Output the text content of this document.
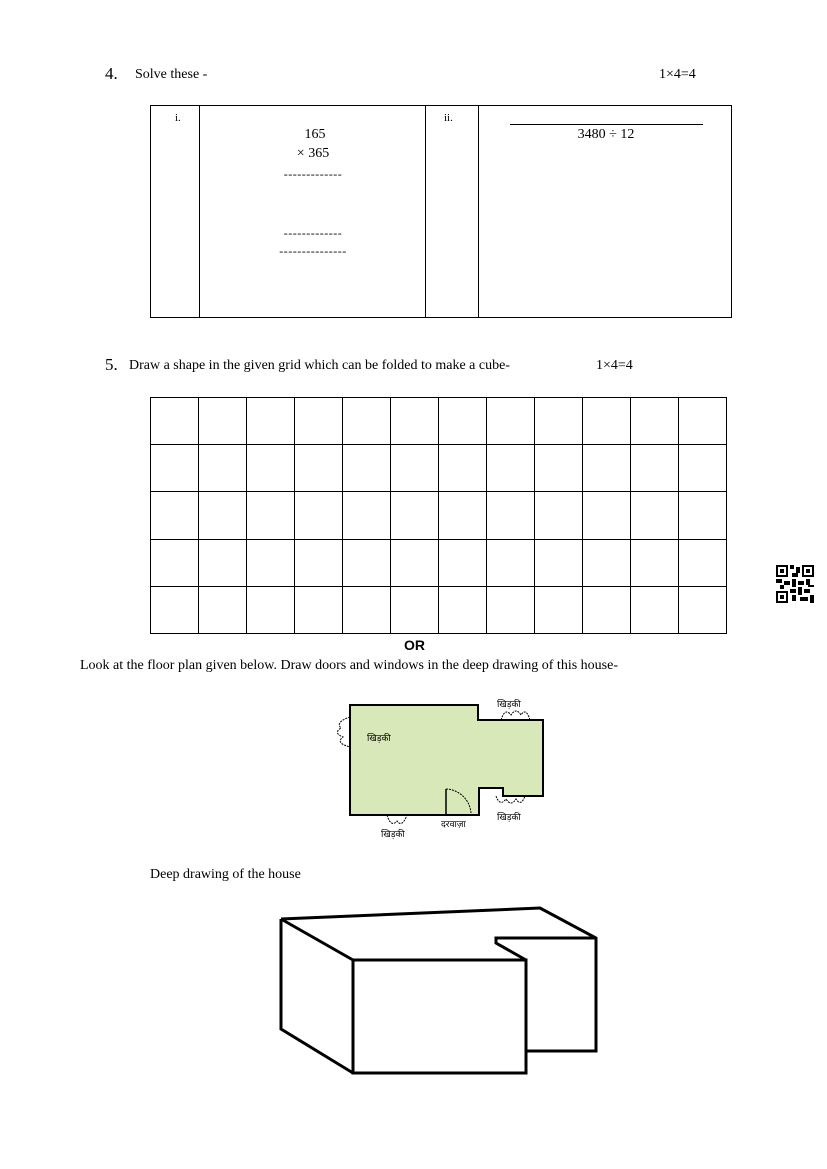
4. Solve these -	1×4=4
i.
165
× 365
-------------
-------------
---------------
ii.
3480 ÷ 12
5. Draw a shape in the given grid which can be folded to make a cube-	1×4=4
OR
Look at the floor plan given below. Draw doors and windows in the deep drawing of this house-
खिड़की
खिड़की
खिड़की
दरवाज़ा
खिड़की
Deep drawing of the house
